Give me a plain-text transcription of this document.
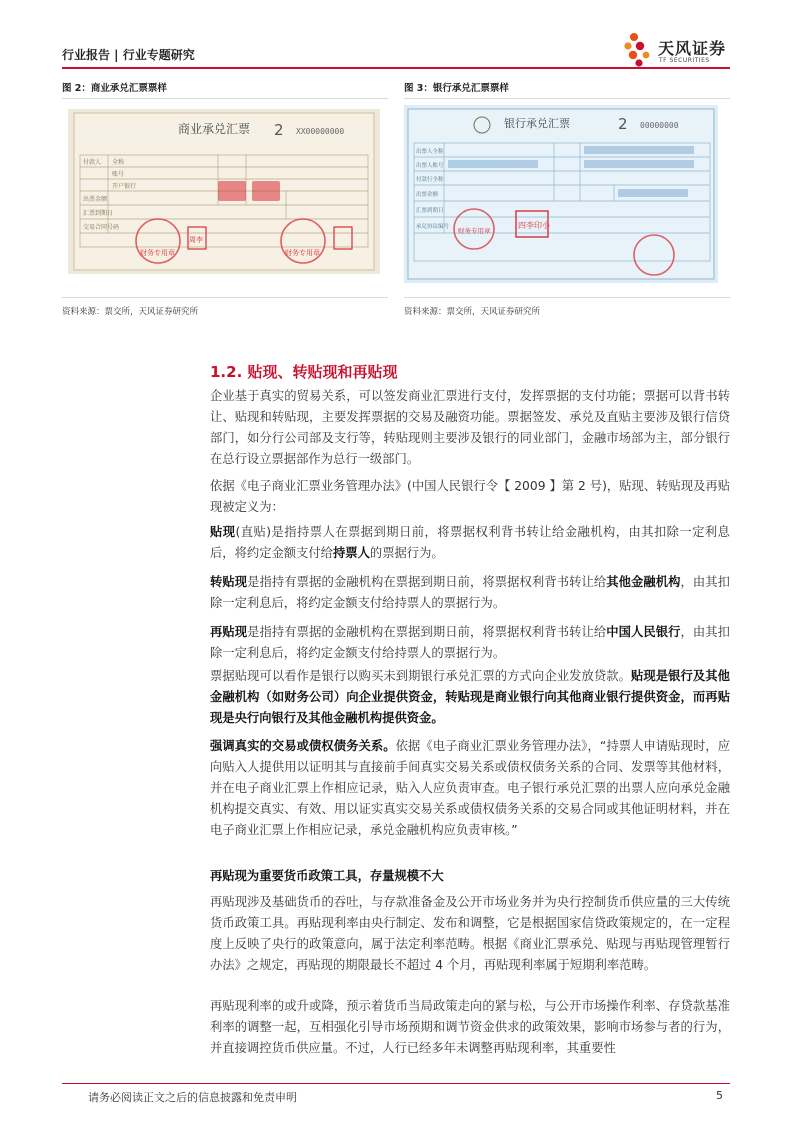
行业报告 | 行业专题研究	天风证券
TF SECURITIES
图 2：商业承兑汇票票样
商业承兑汇票 2 XX00000000
付款人 全称
账号
开户银行
出票金额
汇票到期日
交易合同号码
财务专用章	财务专用章
周李
资料来源：票交所，天风证券研究所
图 3：银行承兑汇票票样
银行承兑汇票	2 00000000
出票人全称
出票人账号
付款行全称
出票金额
汇票到期日
承兑协议编号 财务专用章
四李印小
资料来源：票交所，天风证券研究所
1.2. 贴现、转贴现和再贴现
企业基于真实的贸易关系，可以签发商业汇票进行支付，发挥票据的支付功能；票据可以背书转让、贴现和转贴现，主要发挥票据的交易及融资功能。票据签发、承兑及直贴主要涉及银行信贷部门，如分行公司部及支行等，转贴现则主要涉及银行的同业部门，金融市场部为主，部分银行在总行设立票据部作为总行一级部门。
依据《电子商业汇票业务管理办法》(中国人民银行令【 2009 】第 2 号)，贴现、转贴现及再贴现被定义为：
贴现(直贴)是指持票人在票据到期日前，将票据权利背书转让给金融机构，由其扣除一定利息后，将约定金额支付给持票人的票据行为。
转贴现是指持有票据的金融机构在票据到期日前，将票据权利背书转让给其他金融机构，由其扣除一定利息后，将约定金额支付给持票人的票据行为。
再贴现是指持有票据的金融机构在票据到期日前，将票据权利背书转让给中国人民银行，由其扣除一定利息后，将约定金额支付给持票人的票据行为。
票据贴现可以看作是银行以购买未到期银行承兑汇票的方式向企业发放贷款。贴现是银行及其他金融机构（如财务公司）向企业提供资金，转贴现是商业银行向其他商业银行提供资金，而再贴现是央行向银行及其他金融机构提供资金。
强调真实的交易或债权债务关系。依据《电子商业汇票业务管理办法》，“持票人申请贴现时，应向贴入人提供用以证明其与直接前手间真实交易关系或债权债务关系的合同、发票等其他材料，并在电子商业汇票上作相应记录，贴入人应负责审查。电子银行承兑汇票的出票人应向承兑金融机构提交真实、有效、用以证实真实交易关系或债权债务关系的交易合同或其他证明材料，并在电子商业汇票上作相应记录，承兑金融机构应负责审核。”
再贴现为重要货币政策工具，存量规模不大
再贴现涉及基础货币的吞吐，与存款准备金及公开市场业务并为央行控制货币供应量的三大传统货币政策工具。再贴现利率由央行制定、发布和调整，它是根据国家信贷政策规定的，在一定程度上反映了央行的政策意向，属于法定利率范畴。根据《商业汇票承兑、贴现与再贴现管理暂行办法》之规定，再贴现的期限最长不超过 4 个月，再贴现利率属于短期利率范畴。
再贴现利率的或升或降，预示着货币当局政策走向的紧与松，与公开市场操作利率、存贷款基准利率的调整一起，互相强化引导市场预期和调节资金供求的政策效果，影响市场参与者的行为，并直接调控货币供应量。不过，人行已经多年未调整再贴现利率，其重要性
请务必阅读正文之后的信息披露和免责申明	5
